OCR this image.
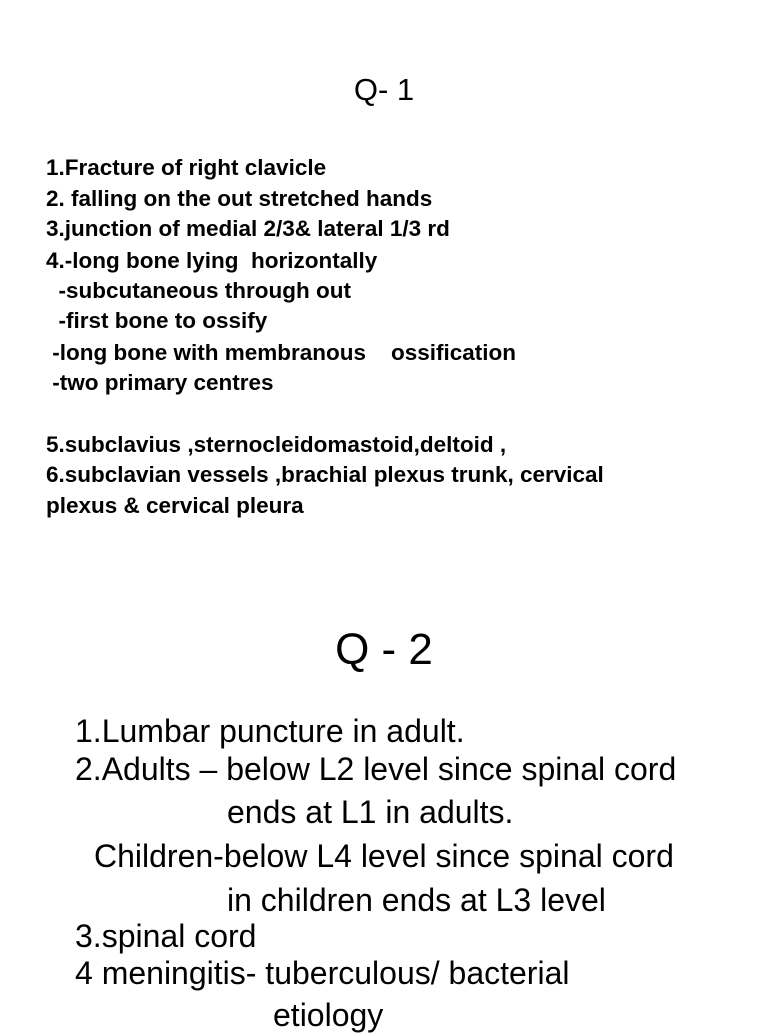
Q- 1
1.Fracture of right clavicle
2. falling on the out stretched hands
3.junction of medial 2/3& lateral 1/3 rd
4.-long bone lying  horizontally
-subcutaneous through out
-first bone to ossify
-long bone with membranous    ossification
-two primary centres
5.subclavius ,sternocleidomastoid,deltoid ,
6.subclavian vessels ,brachial plexus trunk, cervical
plexus & cervical pleura
Q - 2
1.Lumbar puncture in adult.
2.Adults – below L2 level since spinal cord
ends at L1 in adults.
Children-below L4 level since spinal cord
in children ends at L3 level
3.spinal cord
4 meningitis- tuberculous/ bacterial
etiology
